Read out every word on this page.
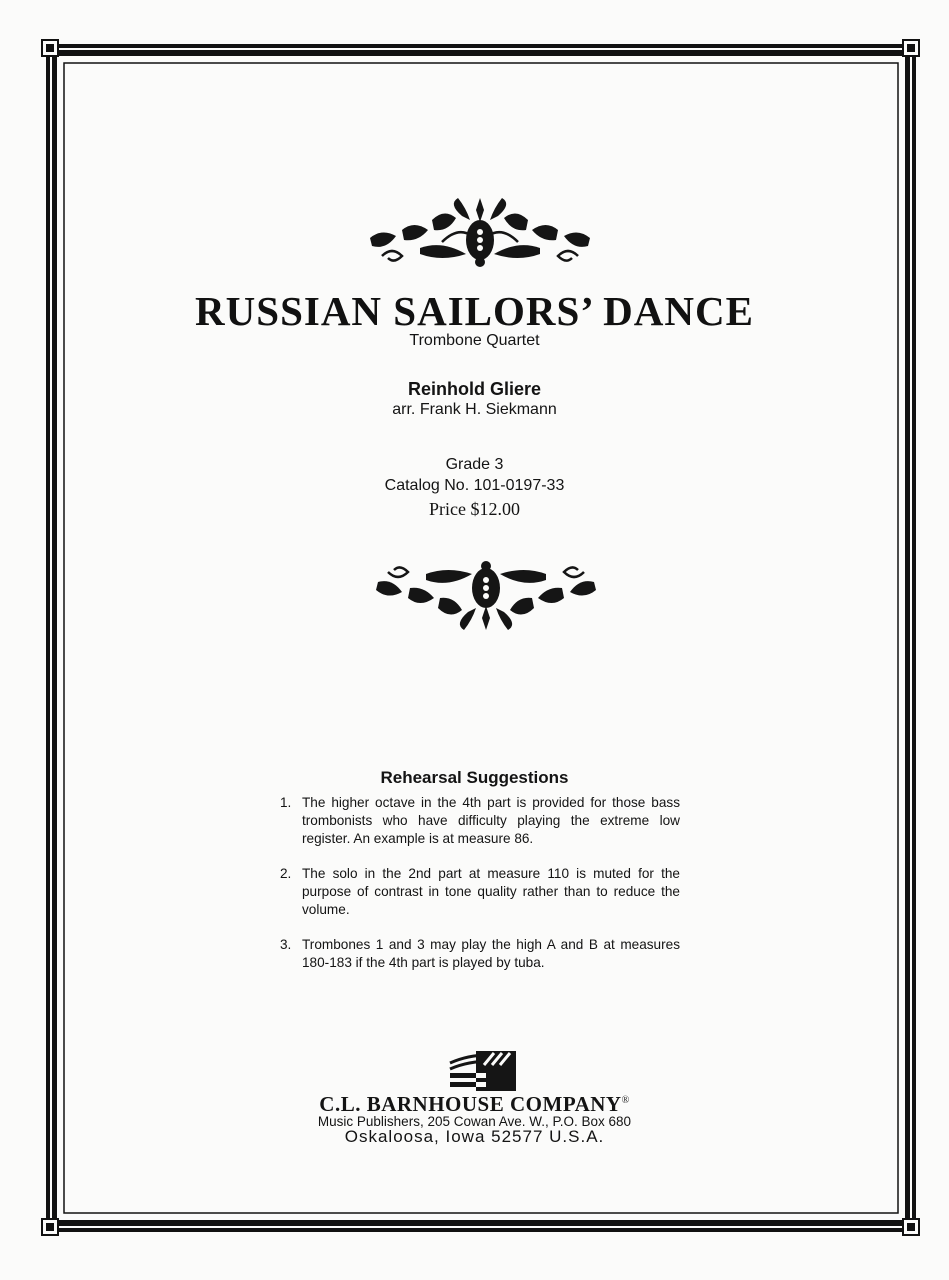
RUSSIAN SAILORS’ DANCE
Trombone Quartet
Reinhold Gliere
arr. Frank H. Siekmann
Grade 3
Catalog No. 101-0197-33
Price $12.00
Rehearsal Suggestions
1. The higher octave in the 4th part is provided for those bass trombonists who have difficulty playing the extreme low register. An example is at measure 86.
2. The solo in the 2nd part at measure 110 is muted for the purpose of contrast in tone quality rather than to reduce the volume.
3. Trombones 1 and 3 may play the high A and B at measures 180-183 if the 4th part is played by tuba.
C.L. BARNHOUSE COMPANY®
Music Publishers, 205 Cowan Ave. W., P.O. Box 680
Oskaloosa, Iowa 52577 U.S.A.
